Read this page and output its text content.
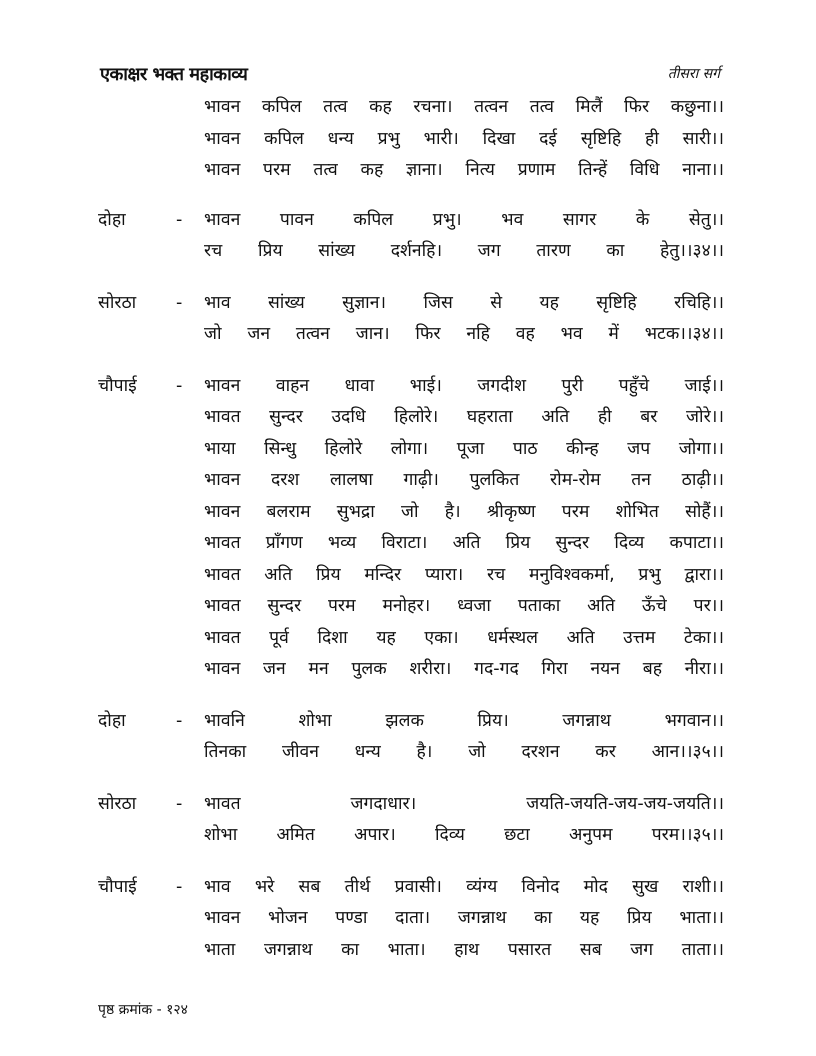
एकाक्षर भक्त महाकाव्य	तीसरा सर्ग
भावन कपिल तत्व कह रचना। तत्वन तत्व मिलैं फिर कछुना।।
भावन कपिल धन्य प्रभु भारी। दिखा दई सृष्टिहि ही सारी।।
भावन परम तत्व कह ज्ञाना। नित्य प्रणाम तिन्हें विधि नाना।।
दोहा	-	भावन पावन कपिल प्रभु। भव सागर के सेतु।।
रच प्रिय सांख्य दर्शनहि। जग तारण का हेतु।।३४।।
सोरठा	-	भाव सांख्य सुज्ञान। जिस से यह सृष्टिहि रचिहि।।
जो जन तत्वन जान। फिर नहि वह भव में भटक।।३४।।
चौपाई	-	भावन वाहन धावा भाई। जगदीश पुरी पहुँचे जाई।।
भावत सुन्दर उदधि हिलोरे। घहराता अति ही बर जोरे।।
भाया सिन्धु हिलोरे लोगा। पूजा पाठ कीन्ह जप जोगा।।
भावन दरश लालषा गाढ़ी। पुलकित रोम-रोम तन ठाढ़ी।।
भावन बलराम सुभद्रा जो है। श्रीकृष्ण परम शोभित सोहैं।।
भावत प्राँगण भव्य विराटा। अति प्रिय सुन्दर दिव्य कपाटा।।
भावत अति प्रिय मन्दिर प्यारा। रच मनुविश्वकर्मा, प्रभु द्वारा।।
भावत सुन्दर परम मनोहर। ध्वजा पताका अति ऊँचे पर।।
भावत पूर्व दिशा यह एका। धर्मस्थल अति उत्तम टेका।।
भावन जन मन पुलक शरीरा। गद-गद गिरा नयन बह नीरा।।
दोहा	-	भावनि शोभा झलक प्रिय। जगन्नाथ भगवान।।
तिनका जीवन धन्य है। जो दरशन कर आन।।३५।।
सोरठा	-	भावत जगदाधार। जयति-जयति-जय-जय-जयति।।
शोभा अमित अपार। दिव्य छटा अनुपम परम।।३५।।
चौपाई	-	भाव भरे सब तीर्थ प्रवासी। व्यंग्य विनोद मोद सुख राशी।।
भावन भोजन पण्डा दाता। जगन्नाथ का यह प्रिय भाता।।
भाता जगन्नाथ का भाता। हाथ पसारत सब जग ताता।।
पृष्ठ क्रमांक - १२४
